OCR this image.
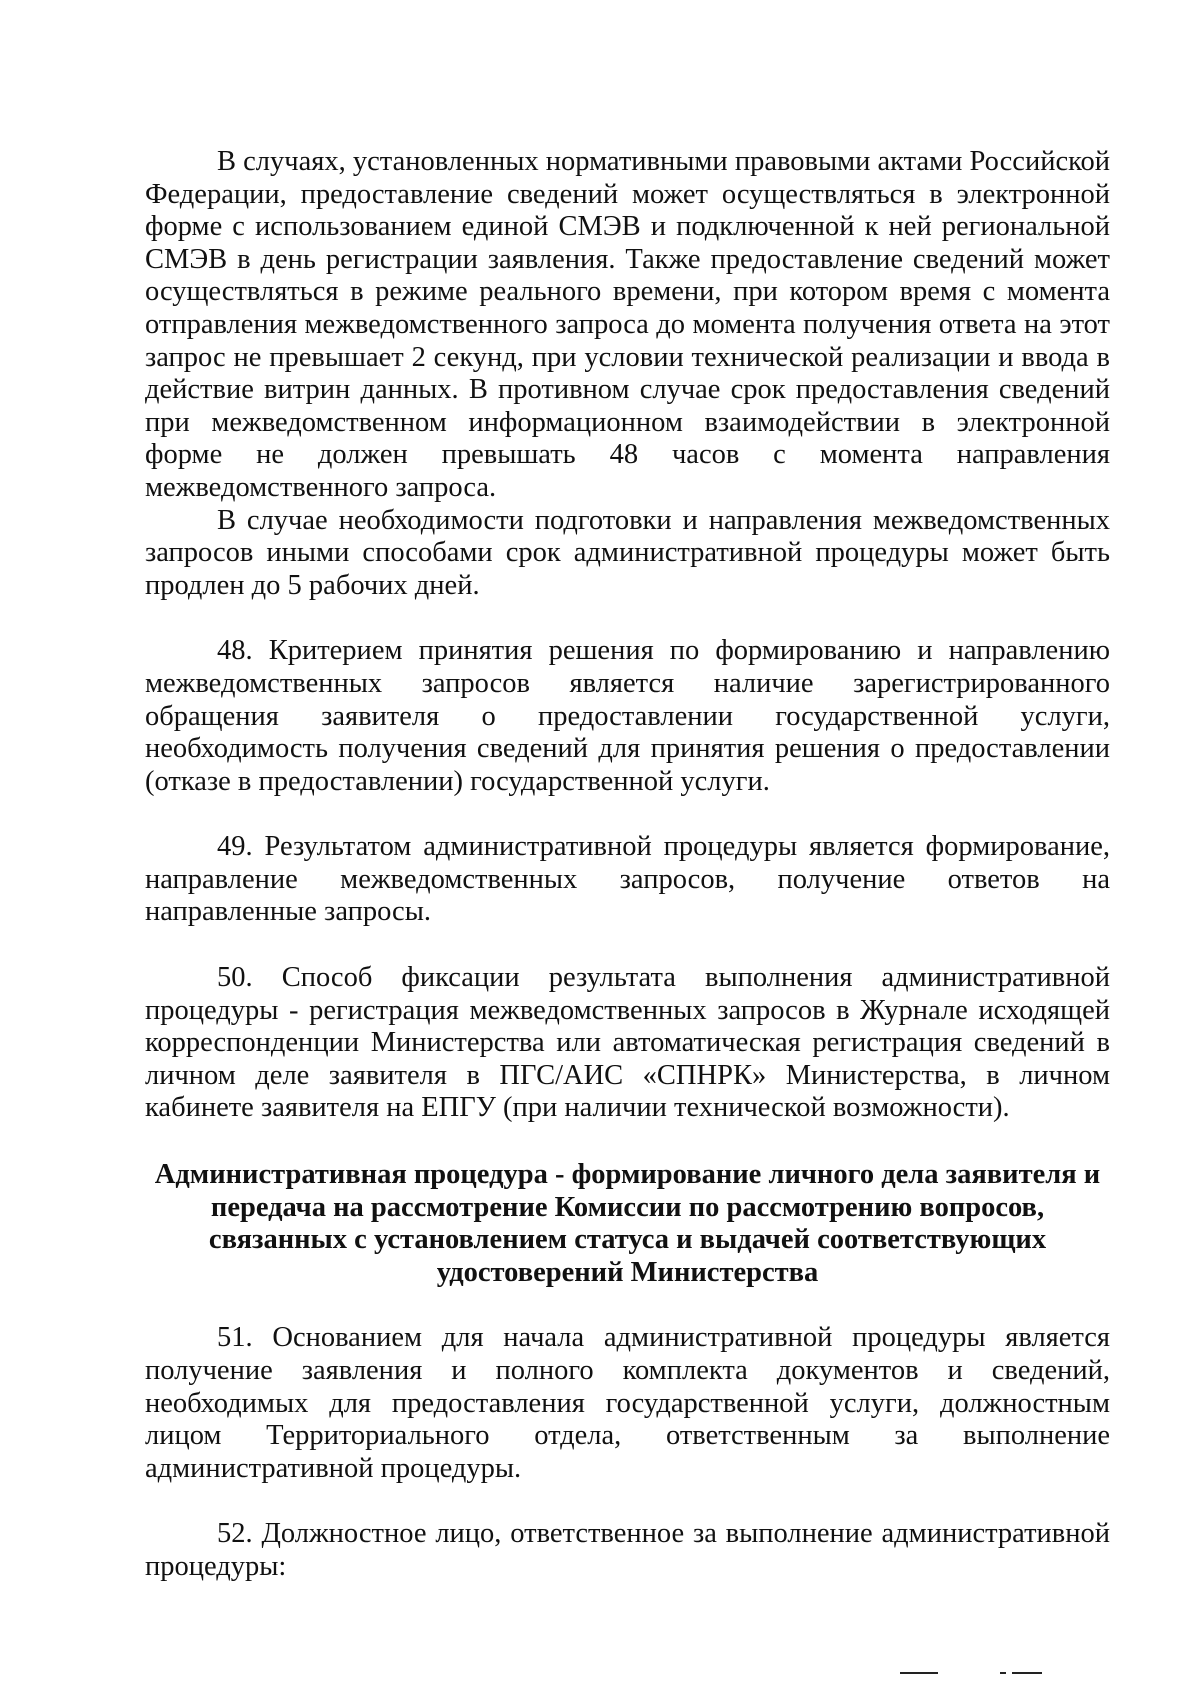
В случаях, установленных нормативными правовыми актами Российской Федерации, предоставление сведений может осуществляться в электронной форме с использованием единой СМЭВ и подключенной к ней региональной СМЭВ в день регистрации заявления. Также предоставление сведений может осуществляться в режиме реального времени, при котором время с момента отправления межведомственного запроса до момента получения ответа на этот запрос не превышает 2 секунд, при условии технической реализации и ввода в действие витрин данных. В противном случае срок предоставления сведений при межведомственном информационном взаимодействии в электронной форме не должен превышать 48 часов с момента направления межведомственного запроса.

В случае необходимости подготовки и направления межведомственных запросов иными способами срок административной процедуры может быть продлен до 5 рабочих дней.

48. Критерием принятия решения по формированию и направлению межведомственных запросов является наличие зарегистрированного обращения заявителя о предоставлении государственной услуги, необходимость получения сведений для принятия решения о предоставлении (отказе в предоставлении) государственной услуги.

49. Результатом административной процедуры является формирование, направление межведомственных запросов, получение ответов на направленные запросы.

50. Способ фиксации результата выполнения административной процедуры - регистрация межведомственных запросов в Журнале исходящей корреспонденции Министерства или автоматическая регистрация сведений в личном деле заявителя в ПГС/АИС «СПНРК» Министерства, в личном кабинете заявителя на ЕПГУ (при наличии технической возможности).

Административная процедура - формирование личного дела заявителя и передача на рассмотрение Комиссии по рассмотрению вопросов, связанных с установлением статуса и выдачей соответствующих удостоверений Министерства

51. Основанием для начала административной процедуры является получение заявления и полного комплекта документов и сведений, необходимых для предоставления государственной услуги, должностным лицом Территориального отдела, ответственным за выполнение административной процедуры.

52. Должностное лицо, ответственное за выполнение административной процедуры:
